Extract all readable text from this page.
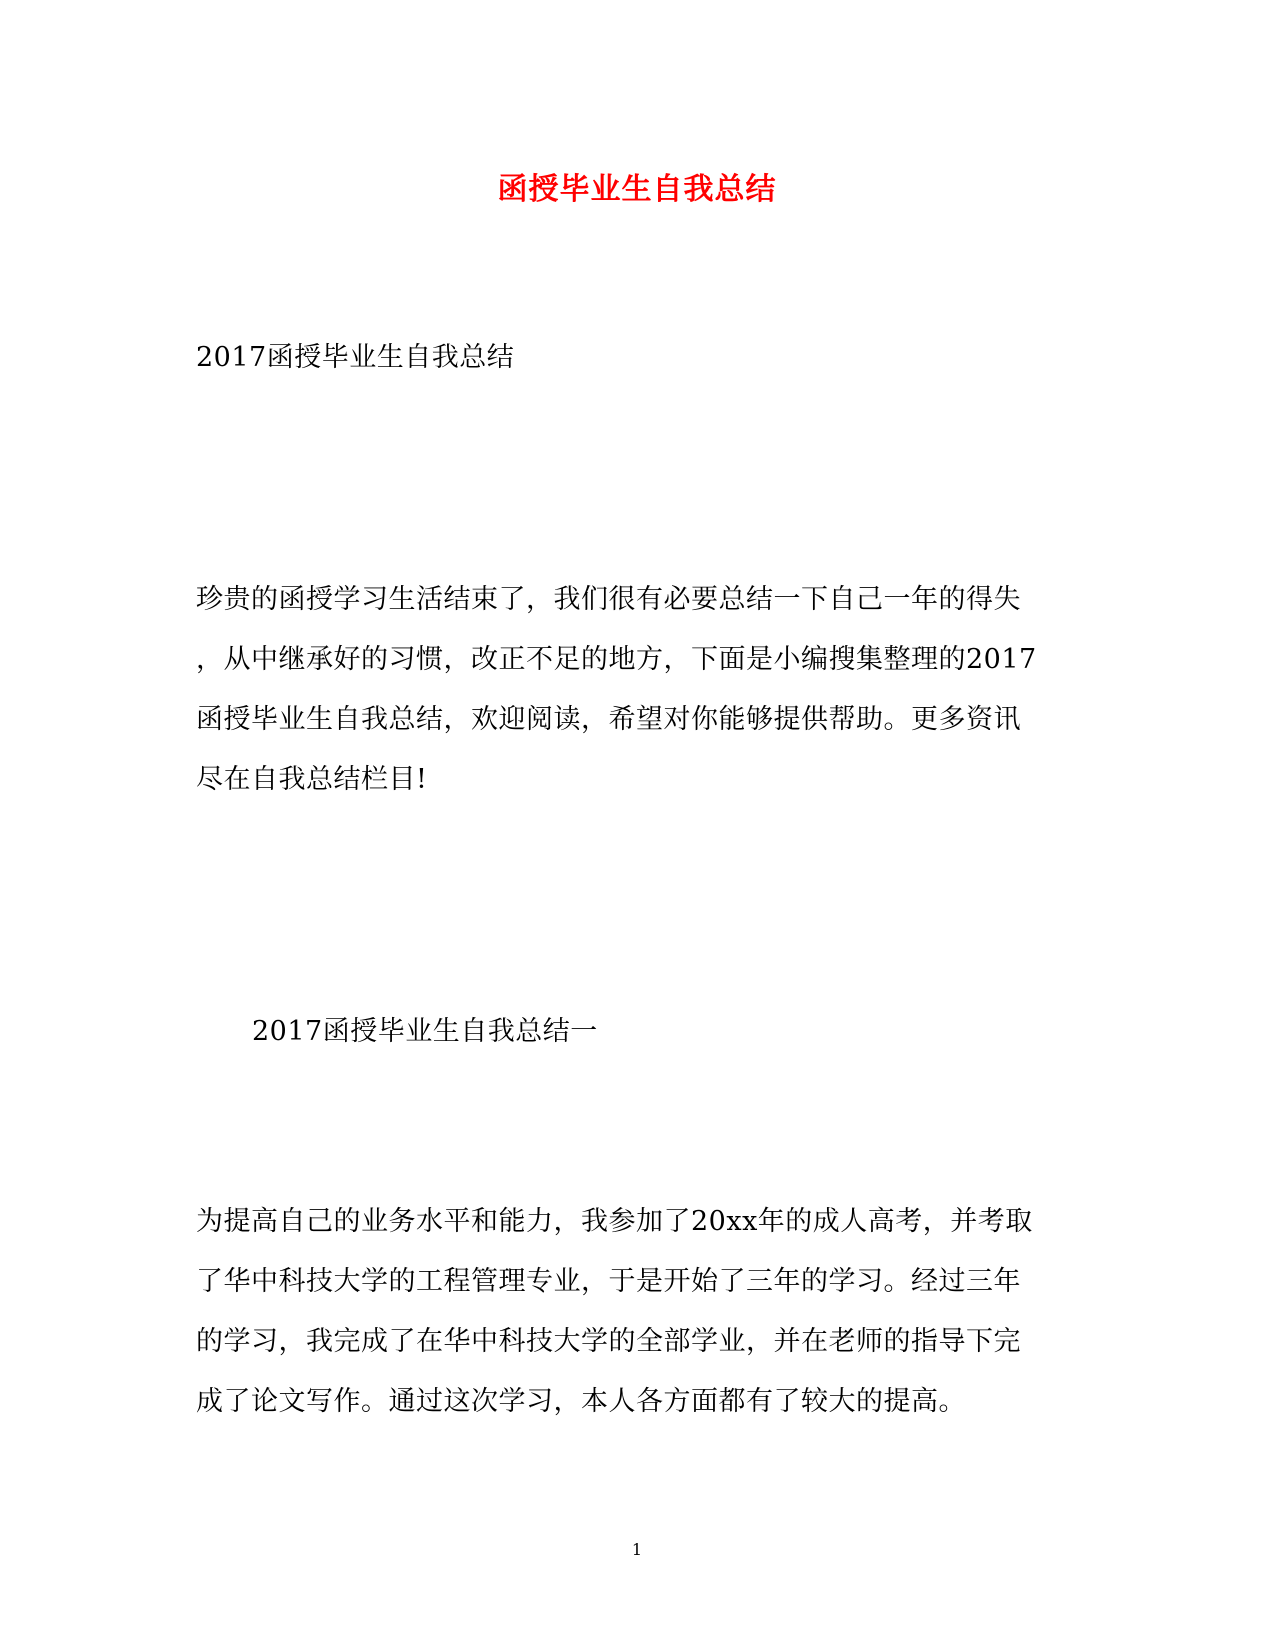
函授毕业生自我总结
2017函授毕业生自我总结
珍贵的函授学习生活结束了，我们很有必要总结一下自己一年的得失
，从中继承好的习惯，改正不足的地方，下面是小编搜集整理的2017
函授毕业生自我总结，欢迎阅读，希望对你能够提供帮助。更多资讯
尽在自我总结栏目!
2017函授毕业生自我总结一
为提高自己的业务水平和能力，我参加了20xx年的成人高考，并考取
了华中科技大学的工程管理专业，于是开始了三年的学习。经过三年
的学习，我完成了在华中科技大学的全部学业，并在老师的指导下完
成了论文写作。通过这次学习，本人各方面都有了较大的提高。
1
